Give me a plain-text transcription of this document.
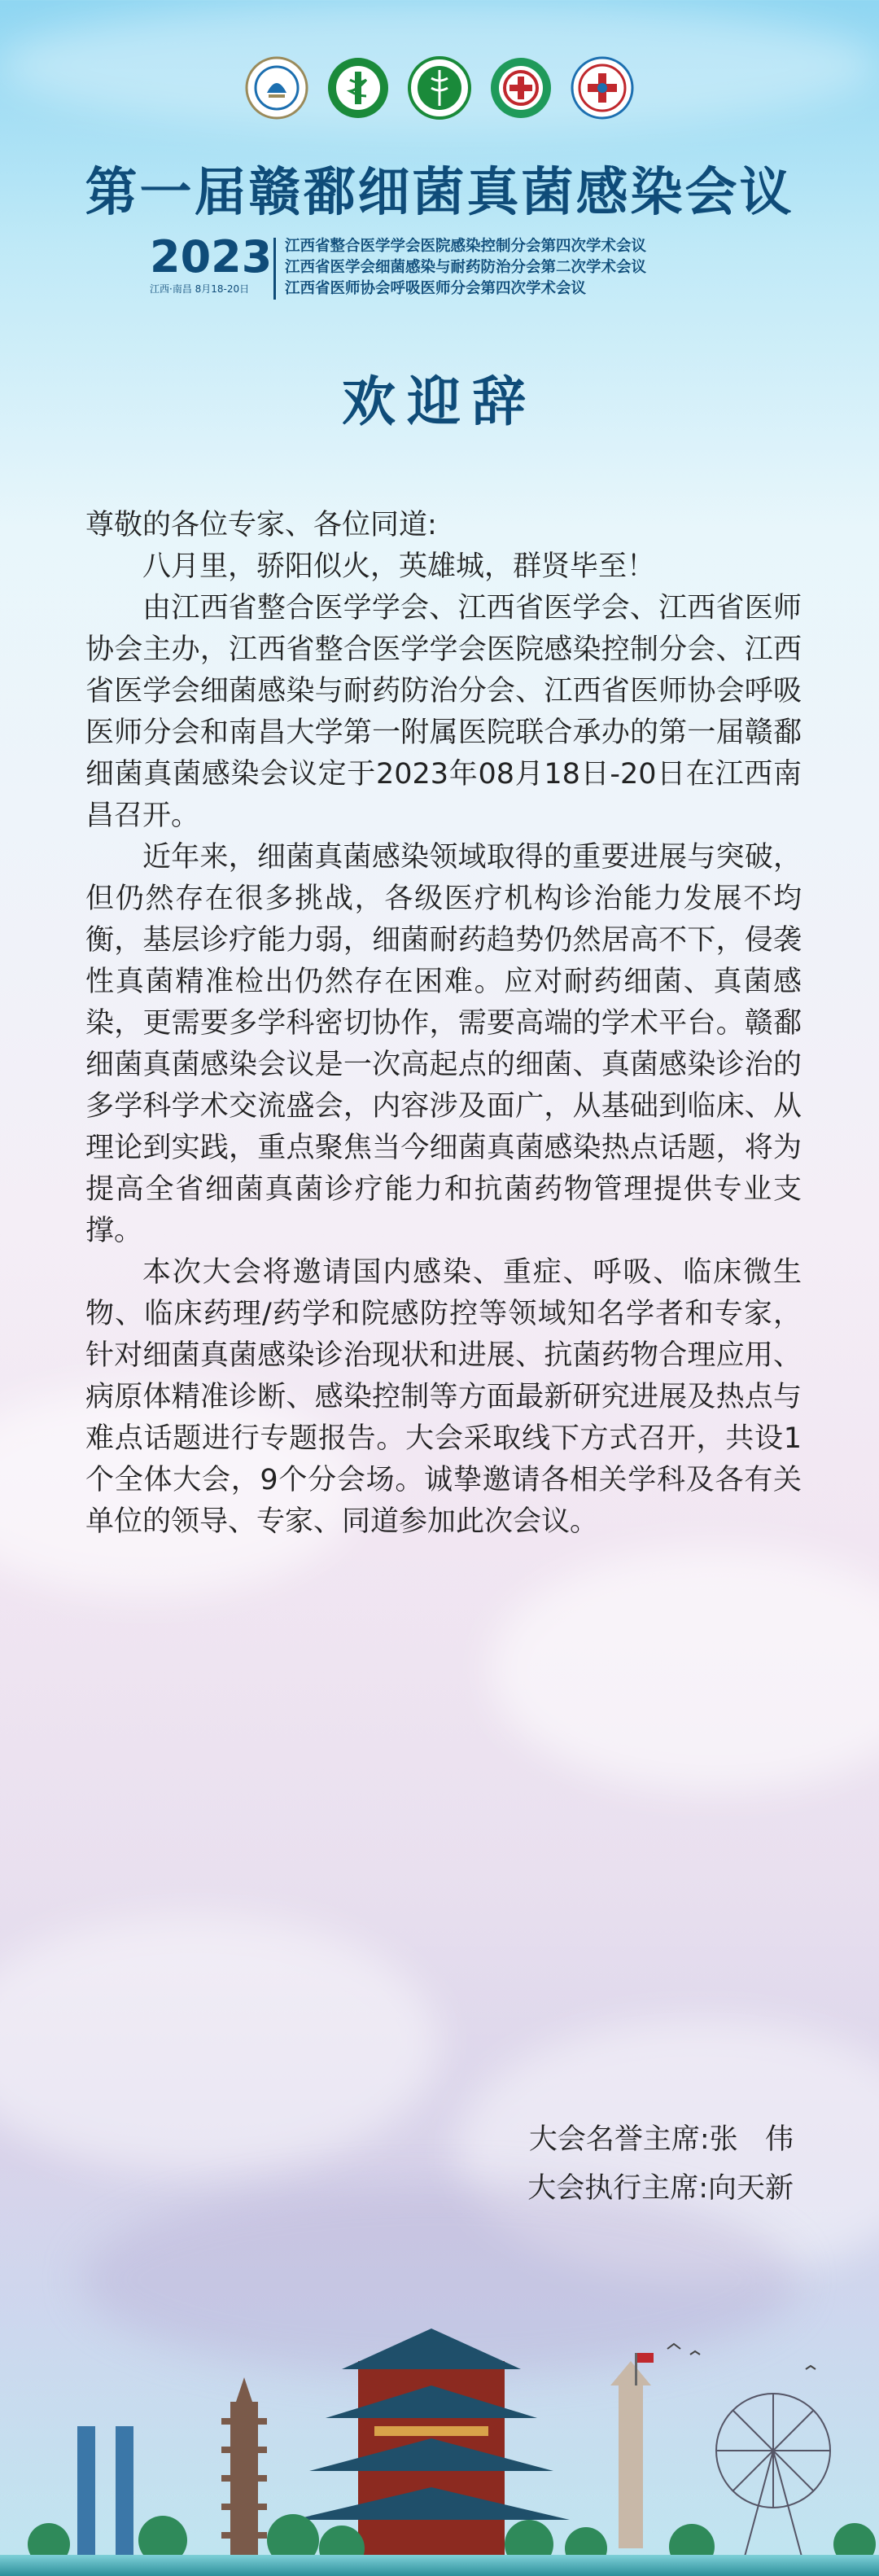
第一届赣鄱细菌真菌感染会议
2023
江西·南昌 8月18-20日
江西省整合医学学会医院感染控制分会第四次学术会议
江西省医学会细菌感染与耐药防治分会第二次学术会议
江西省医师协会呼吸医师分会第四次学术会议
欢迎辞

尊敬的各位专家、各位同道:

八月里，骄阳似火，英雄城，群贤毕至！

由江西省整合医学学会、江西省医学会、江西省医师协会主办，江西省整合医学学会医院感染控制分会、江西省医学会细菌感染与耐药防治分会、江西省医师协会呼吸医师分会和南昌大学第一附属医院联合承办的第一届赣鄱细菌真菌感染会议定于2023年08月18日-20日在江西南昌召开。

近年来，细菌真菌感染领域取得的重要进展与突破，但仍然存在很多挑战，各级医疗机构诊治能力发展不均衡，基层诊疗能力弱，细菌耐药趋势仍然居高不下，侵袭性真菌精准检出仍然存在困难。应对耐药细菌、真菌感染，更需要多学科密切协作，需要高端的学术平台。赣鄱细菌真菌感染会议是一次高起点的细菌、真菌感染诊治的多学科学术交流盛会，内容涉及面广，从基础到临床、从理论到实践，重点聚焦当今细菌真菌感染热点话题，将为提高全省细菌真菌诊疗能力和抗菌药物管理提供专业支撑。

本次大会将邀请国内感染、重症、呼吸、临床微生物、临床药理/药学和院感防控等领域知名学者和专家，针对细菌真菌感染诊治现状和进展、抗菌药物合理应用、病原体精准诊断、感染控制等方面最新研究进展及热点与难点话题进行专题报告。大会采取线下方式召开，共设1个全体大会，9个分会场。诚挚邀请各相关学科及各有关单位的领导、专家、同道参加此次会议。

大会名誉主席:张   伟
大会执行主席:向天新
